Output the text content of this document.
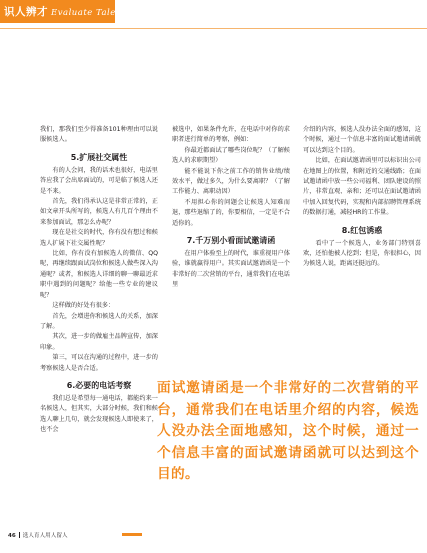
识人辨才 Evaluate Talent

我们，那我们至少得准备101种理由可以说服候选人。

5.扩展社交属性

有的人会问，我的话术也很好，电话里答应我了会出席面试的，可是临了候选人还是不来。

首先，我们得承认这是非常正常的，正如文章开头所写的，候选人有几百个理由不来参加面试，那怎么办呢？

现在是社交的时代，你有没有想过和候选人扩展下社交属性呢？

比如，你有没有加候选人的微信、QQ呢，再继续跟面试岗位和候选人做些深入沟通呢？或者，和候选人详细的聊一聊最近求职中遇到的问题呢？给他一些专业的建议呢？

这样做的好处有很多：

首先，会增进你和候选人的关系，加深了解。

其次，进一步的做雇主品牌宣传，加深印象。

第三，可以在沟通的过程中，进一步的考察候选人是否合适。

6.必要的电话考察

我们总是希望每一通电话，都能约来一名候选人，但其实，大部分时候，我们和候选人聊上几句，就会发现候选人即使来了，也不会

被选中，如果条件允许，在电话中对你的求职者进行简单的考察，例如：

你最近都面试了哪些岗位呢？（了解候选人的求职期望）

能不能说下你之前工作的销售业绩/绩效水平，做过多久，为什么要离职？（了解工作能力、离职动因）

不用担心你的问题会让候选人知难而退，那些退缩了的，你要相信，一定是不合适你的。

7.千万别小看面试邀请函

在用户体验至上的时代，谁重视用户体验，谁就赢得用户。其实面试邀请函是一个非常好的二次营销的平台，通常我们在电话里

介绍的内容，候选人没办法全面的感知，这个时候，通过一个信息丰富的面试邀请函就可以达到这个目的。

比如，在面试邀请函里可以标识出公司在地图上的位置，和附近的交通线路；在面试邀请函中放一些公司福利、团队建设的照片，非常直观、亲和；还可以在面试邀请函中加入回复代码，实现和内部招聘管理系统的数据打通，减轻HR的工作量。

8.红包诱惑

看中了一个候选人，业务部门特别喜欢，还怕他被人挖到；但是，你很担心，因为候选人说，距离还挺远的。

面试邀请函是一个非常好的二次营销的平台，通常我们在电话里介绍的内容，候选人没办法全面地感知，这个时候，通过一个信息丰富的面试邀请函就可以达到这个目的。
46 选人育人用人留人
